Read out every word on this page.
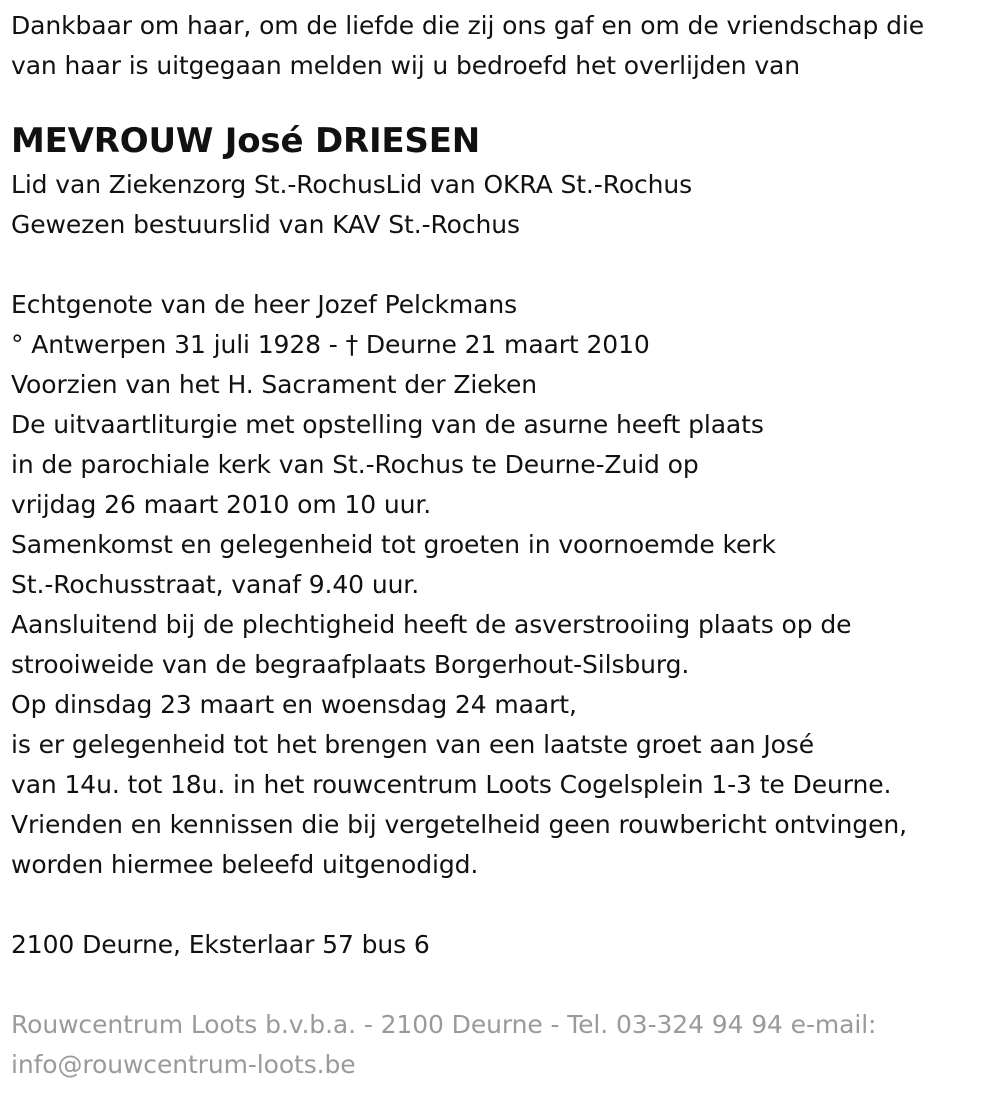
Dankbaar om haar, om de liefde die zij ons gaf en om de vriendschap die
van haar is uitgegaan melden wij u bedroefd het overlijden van
MEVROUW José DRIESEN
Lid van Ziekenzorg St.-RochusLid van OKRA St.-Rochus
Gewezen bestuurslid van KAV St.-Rochus
Echtgenote van de heer Jozef Pelckmans
° Antwerpen 31 juli 1928 - † Deurne 21 maart 2010
Voorzien van het H. Sacrament der Zieken
De uitvaartliturgie met opstelling van de asurne heeft plaats
in de parochiale kerk van St.-Rochus te Deurne-Zuid op
vrijdag 26 maart 2010 om 10 uur.
Samenkomst en gelegenheid tot groeten in voornoemde kerk
St.-Rochusstraat, vanaf 9.40 uur.
Aansluitend bij de plechtigheid heeft de asverstrooiing plaats op de
strooiweide van de begraafplaats Borgerhout-Silsburg.
Op dinsdag 23 maart en woensdag 24 maart,
is er gelegenheid tot het brengen van een laatste groet aan José
van 14u. tot 18u. in het rouwcentrum Loots Cogelsplein 1-3 te Deurne.
Vrienden en kennissen die bij vergetelheid geen rouwbericht ontvingen,
worden hiermee beleefd uitgenodigd.
2100 Deurne, Eksterlaar 57 bus 6
Rouwcentrum Loots b.v.b.a. - 2100 Deurne - Tel. 03-324 94 94 e-mail:
info@rouwcentrum-loots.be
